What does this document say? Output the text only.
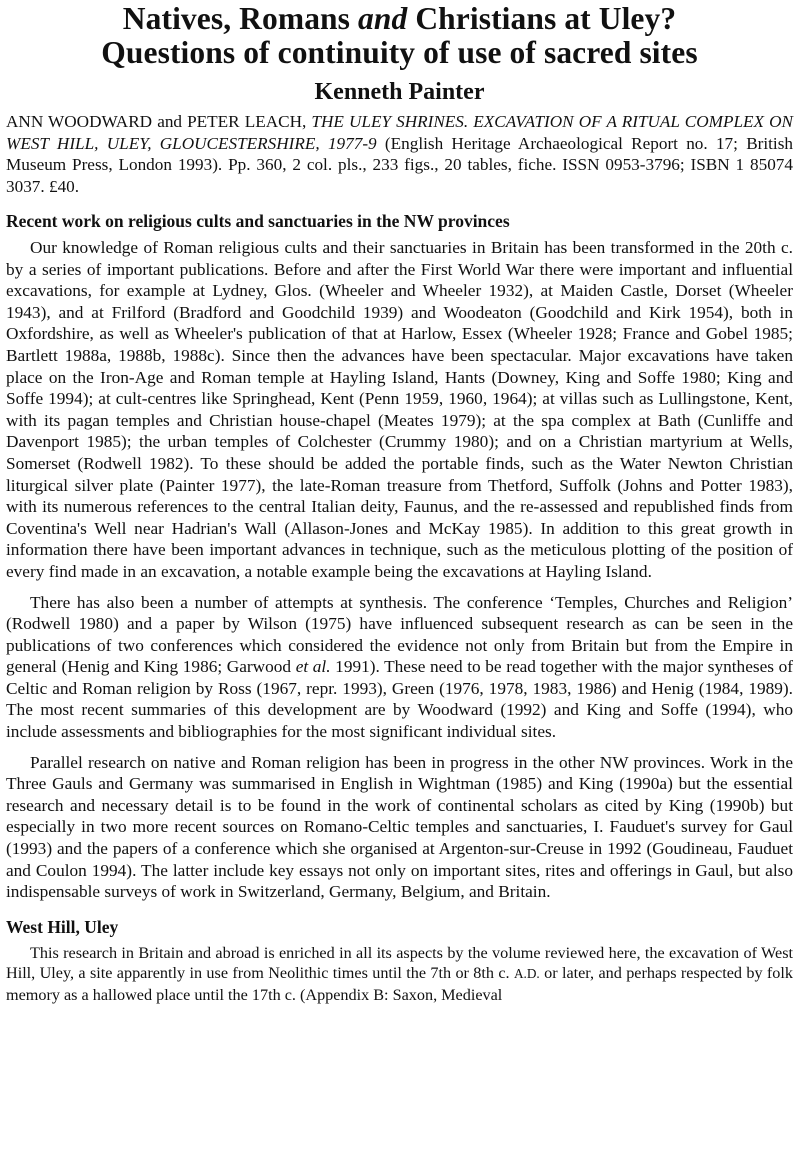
Natives, Romans and Christians at Uley?
Questions of continuity of use of sacred sites
Kenneth Painter

ANN WOODWARD and PETER LEACH, THE ULEY SHRINES. EXCAVATION OF A RITUAL COMPLEX ON WEST HILL, ULEY, GLOUCESTERSHIRE, 1977-9 (English Heritage Archaeological Report no. 17; British Museum Press, London 1993). Pp. 360, 2 col. pls., 233 figs., 20 tables, fiche. ISSN 0953-3796; ISBN 1 85074 3037. £40.

Recent work on religious cults and sanctuaries in the NW provinces

Our knowledge of Roman religious cults and their sanctuaries in Britain has been transformed in the 20th c. by a series of important publications. Before and after the First World War there were important and influential excavations, for example at Lydney, Glos. (Wheeler and Wheeler 1932), at Maiden Castle, Dorset (Wheeler 1943), and at Frilford (Bradford and Goodchild 1939) and Woodeaton (Goodchild and Kirk 1954), both in Oxfordshire, as well as Wheeler's publication of that at Harlow, Essex (Wheeler 1928; France and Gobel 1985; Bartlett 1988a, 1988b, 1988c). Since then the advances have been spectacular. Major excavations have taken place on the Iron-Age and Roman temple at Hayling Island, Hants (Downey, King and Soffe 1980; King and Soffe 1994); at cult-centres like Springhead, Kent (Penn 1959, 1960, 1964); at villas such as Lullingstone, Kent, with its pagan temples and Christian house-chapel (Meates 1979); at the spa complex at Bath (Cunliffe and Davenport 1985); the urban temples of Colchester (Crummy 1980); and on a Christian martyrium at Wells, Somerset (Rodwell 1982). To these should be added the portable finds, such as the Water Newton Christian liturgical silver plate (Painter 1977), the late-Roman treasure from Thetford, Suffolk (Johns and Potter 1983), with its numerous references to the central Italian deity, Faunus, and the re-assessed and republished finds from Coventina's Well near Hadrian's Wall (Allason-Jones and McKay 1985). In addition to this great growth in information there have been important advances in technique, such as the meticulous plotting of the position of every find made in an excavation, a notable example being the excavations at Hayling Island.

There has also been a number of attempts at synthesis. The conference ‘Temples, Churches and Religion’ (Rodwell 1980) and a paper by Wilson (1975) have influenced subsequent research as can be seen in the publications of two conferences which considered the evidence not only from Britain but from the Empire in general (Henig and King 1986; Garwood et al. 1991). These need to be read together with the major syntheses of Celtic and Roman religion by Ross (1967, repr. 1993), Green (1976, 1978, 1983, 1986) and Henig (1984, 1989). The most recent summaries of this development are by Woodward (1992) and King and Soffe (1994), who include assessments and bibliographies for the most significant individual sites.

Parallel research on native and Roman religion has been in progress in the other NW provinces. Work in the Three Gauls and Germany was summarised in English in Wightman (1985) and King (1990a) but the essential research and necessary detail is to be found in the work of continental scholars as cited by King (1990b) but especially in two more recent sources on Romano-Celtic temples and sanctuaries, I. Fauduet's survey for Gaul (1993) and the papers of a conference which she organised at Argenton-sur-Creuse in 1992 (Goudineau, Fauduet and Coulon 1994). The latter include key essays not only on important sites, rites and offerings in Gaul, but also indispensable surveys of work in Switzerland, Germany, Belgium, and Britain.

West Hill, Uley

This research in Britain and abroad is enriched in all its aspects by the volume reviewed here, the excavation of West Hill, Uley, a site apparently in use from Neolithic times until the 7th or 8th c. A.D. or later, and perhaps respected by folk memory as a hallowed place until the 17th c. (Appendix B: Saxon, Medieval
